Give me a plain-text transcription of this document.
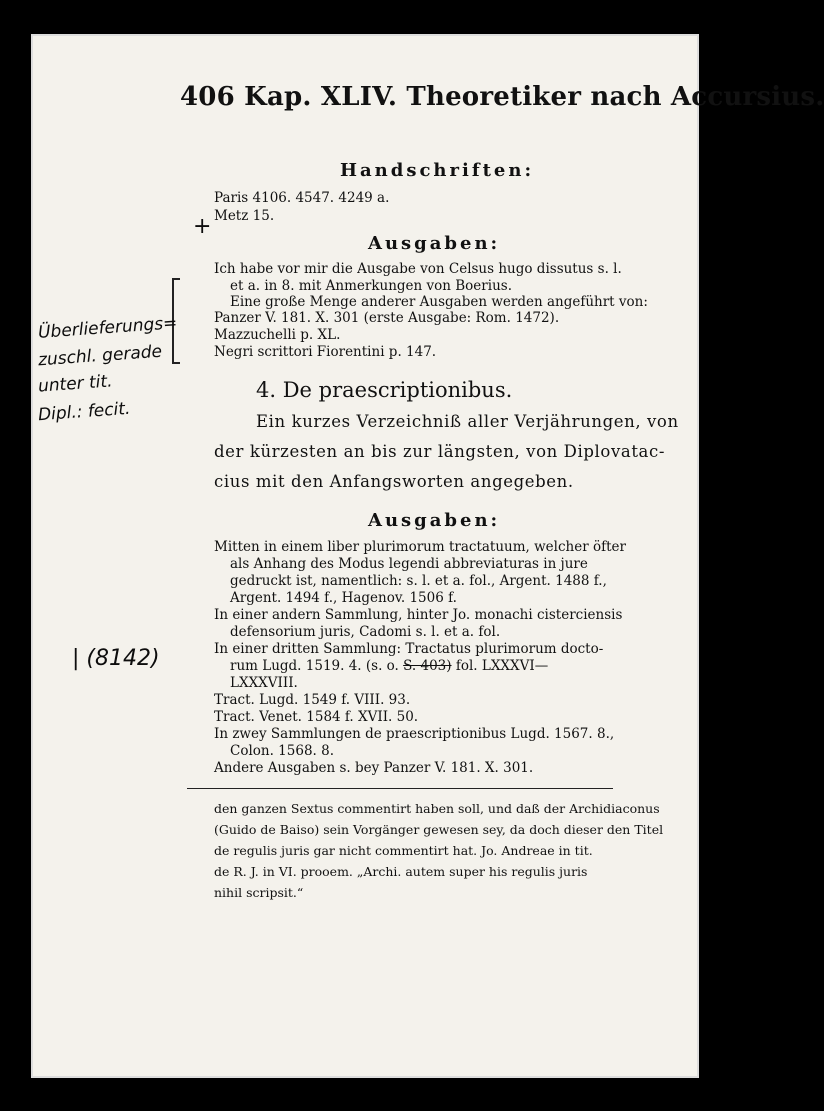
406 Kap. XLIV. Theoretiker nach Accursius.
Handschriften:
Paris 4106. 4547. 4249 a.
Metz 15.
Ausgaben:
Ich habe vor mir die Ausgabe von Celsus hugo dissutus s. l.
et a. in 8. mit Anmerkungen von Boerius.
Eine große Menge anderer Ausgaben werden angeführt von:
Panzer V. 181. X. 301 (erste Ausgabe: Rom. 1472).
Mazzuchelli p. XL.
Negri scrittori Fiorentini p. 147.
4. De praescriptionibus.
Ein kurzes Verzeichniß aller Verjährungen, von
der kürzesten an bis zur längsten, von Diplovatac-
cius mit den Anfangsworten angegeben.
Ausgaben:
Mitten in einem liber plurimorum tractatuum, welcher öfter
als Anhang des Modus legendi abbreviaturas in jure
gedruckt ist, namentlich: s. l. et a. fol., Argent. 1488 f.,
Argent. 1494 f., Hagenov. 1506 f.
In einer andern Sammlung, hinter Jo. monachi cisterciensis
defensorium juris, Cadomi s. l. et a. fol.
In einer dritten Sammlung: Tractatus plurimorum docto-
rum Lugd. 1519. 4. (s. o. S. 403) fol. LXXXVI—
LXXXVIII.
Tract. Lugd. 1549 f. VIII. 93.
Tract. Venet. 1584 f. XVII. 50.
In zwey Sammlungen de praescriptionibus Lugd. 1567. 8.,
Colon. 1568. 8.
Andere Ausgaben s. bey Panzer V. 181. X. 301.
den ganzen Sextus commentirt haben soll, und daß der Archidiaconus
(Guido de Baiso) sein Vorgänger gewesen sey, da doch dieser den Titel
de regulis juris gar nicht commentirt hat. Jo. Andreae in tit.
de R. J. in VI. prooem. „Archi. autem super his regulis juris
nihil scripsit.“
+
Überlieferungs=
zuschl. gerade
unter tit.
Dipl.: fecit.
| (8142)
